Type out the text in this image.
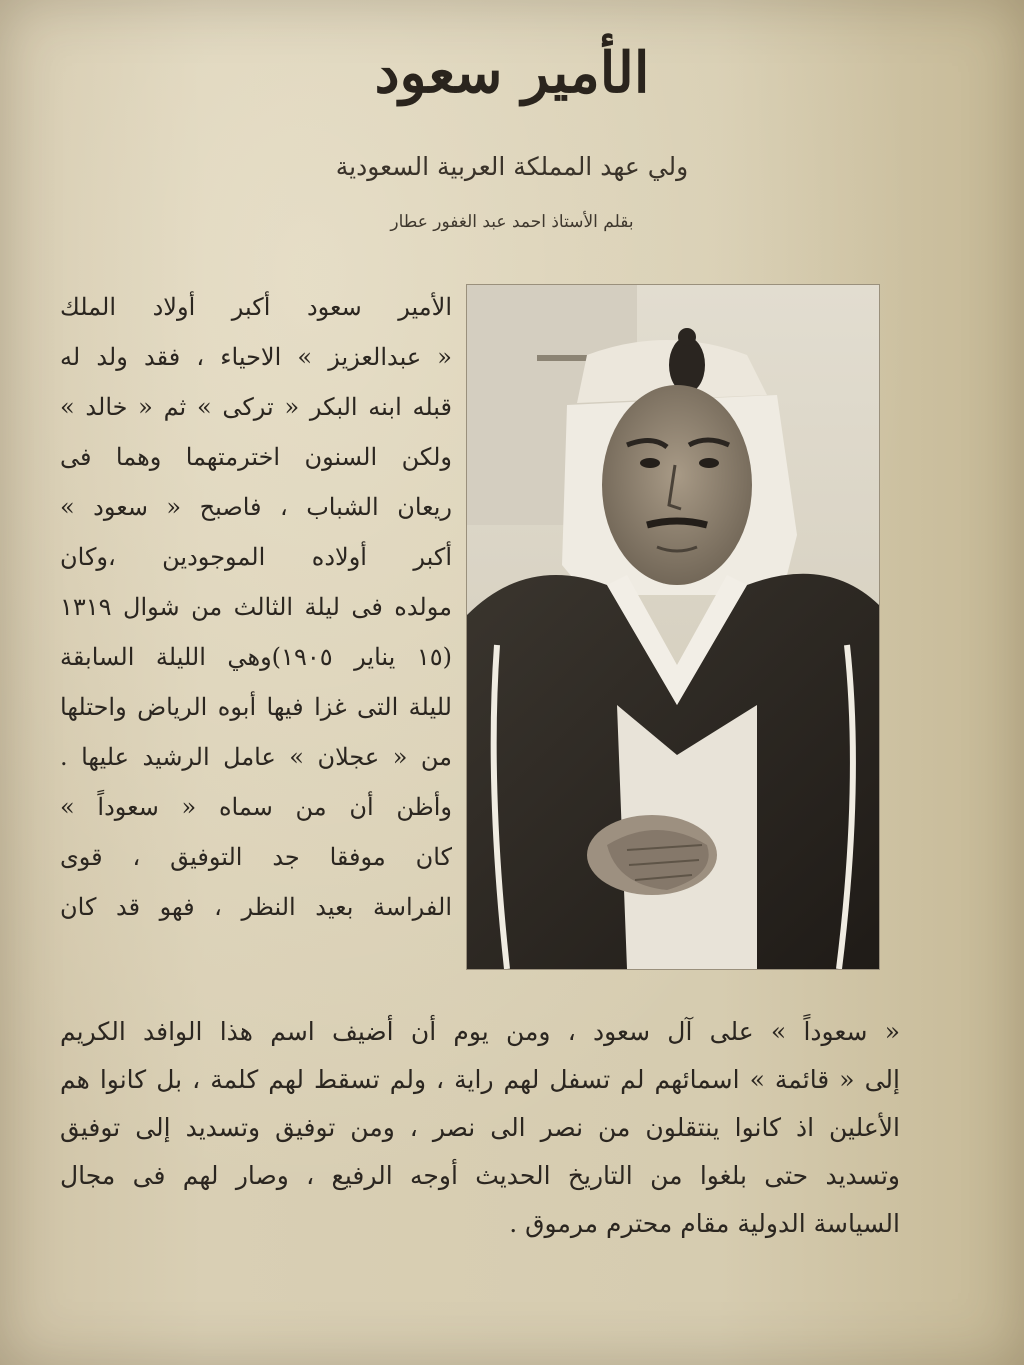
الأمير سعود
ولي عهد المملكة العربية السعودية
بقلم الأستاذ احمد عبد الغفور عطار
الأمير سعود أكبر أولاد الملك
« عبدالعزيز » الاحياء ، فقد ولد له
قبله ابنه البكر « تركى » ثم « خالد »
ولكن السنون اخترمتهما وهما فى
ريعان الشباب ، فاصبح « سعود »
أكبر أولاده الموجودين ،وكان
مولده فى ليلة الثالث من شوال ١٣١٩
(١٥ يناير ١٩٠٥)وهي الليلة السابقة
لليلة التى غزا فيها أبوه الرياض واحتلها
من « عجلان » عامل الرشيد عليها .
وأظن أن من سماه « سعوداً »
كان موفقا جد التوفيق ، قوى
الفراسة بعيد النظر ، فهو قد كان
« سعوداً » على آل سعود ، ومن يوم أن أضيف اسم هذا الوافد الكريم
إلى « قائمة » اسمائهم لم تسفل لهم راية ، ولم تسقط لهم كلمة ، بل كانوا هم
الأعلين اذ كانوا ينتقلون من نصر الى نصر ، ومن توفيق وتسديد إلى توفيق
وتسديد حتى بلغوا من التاريخ الحديث أوجه الرفيع ، وصار لهم فى مجال
السياسة الدولية مقام محترم مرموق .
